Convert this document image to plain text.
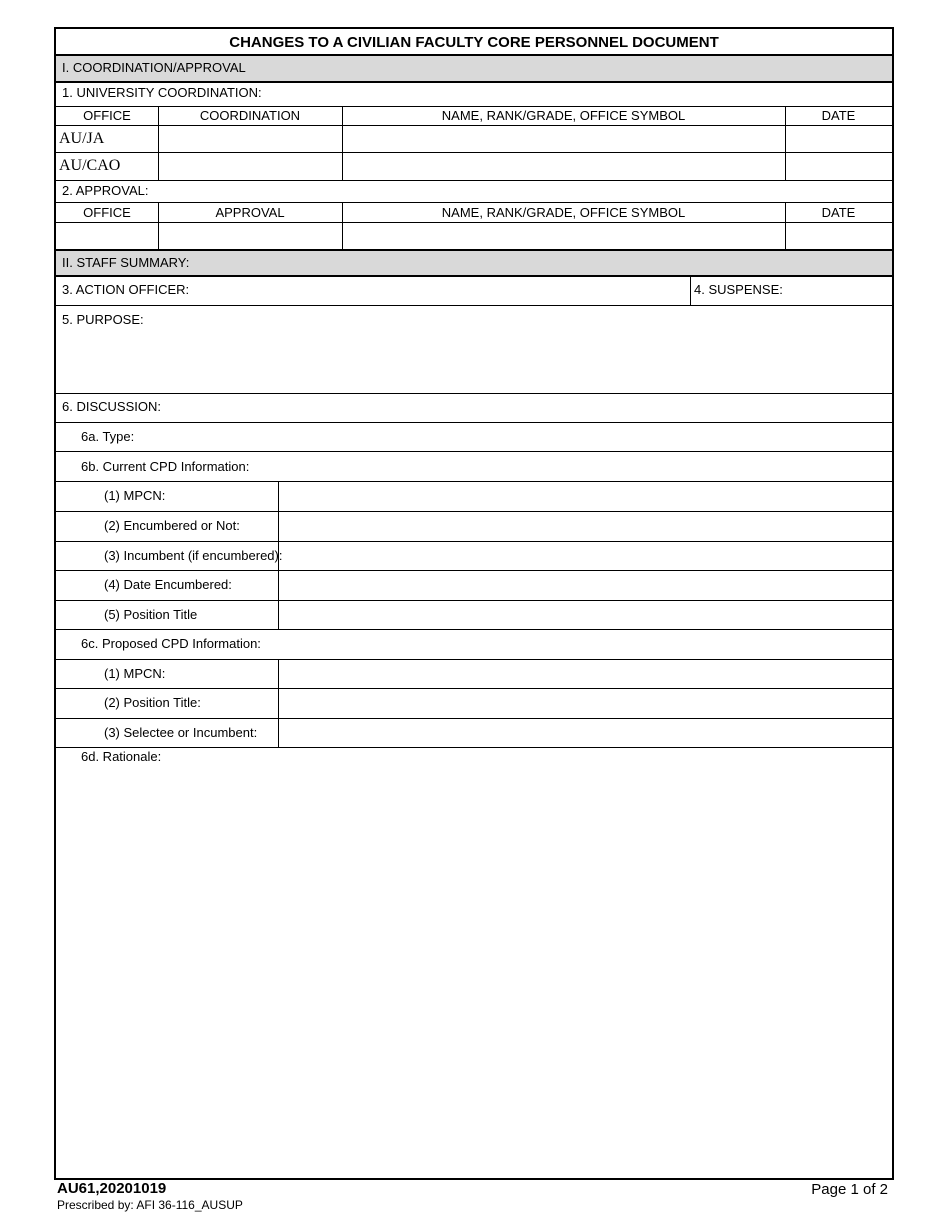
CHANGES TO A CIVILIAN FACULTY CORE PERSONNEL DOCUMENT
I. COORDINATION/APPROVAL
1. UNIVERSITY COORDINATION:
OFFICE	COORDINATION	NAME, RANK/GRADE, OFFICE SYMBOL	DATE
AU/JA
AU/CAO
2. APPROVAL:
OFFICE	APPROVAL	NAME, RANK/GRADE, OFFICE SYMBOL	DATE
II. STAFF SUMMARY:
3. ACTION OFFICER:	4. SUSPENSE:
5. PURPOSE:
6. DISCUSSION:
6a. Type:
6b. Current CPD Information:
(1) MPCN:
(2) Encumbered or Not:
(3) Incumbent (if encumbered):
(4) Date Encumbered:
(5) Position Title
6c. Proposed CPD Information:
(1) MPCN:
(2) Position Title:
(3) Selectee or Incumbent:
6d. Rationale:
AU61,20201019
Prescribed by: AFI 36-116_AUSUP
Page 1 of 2
